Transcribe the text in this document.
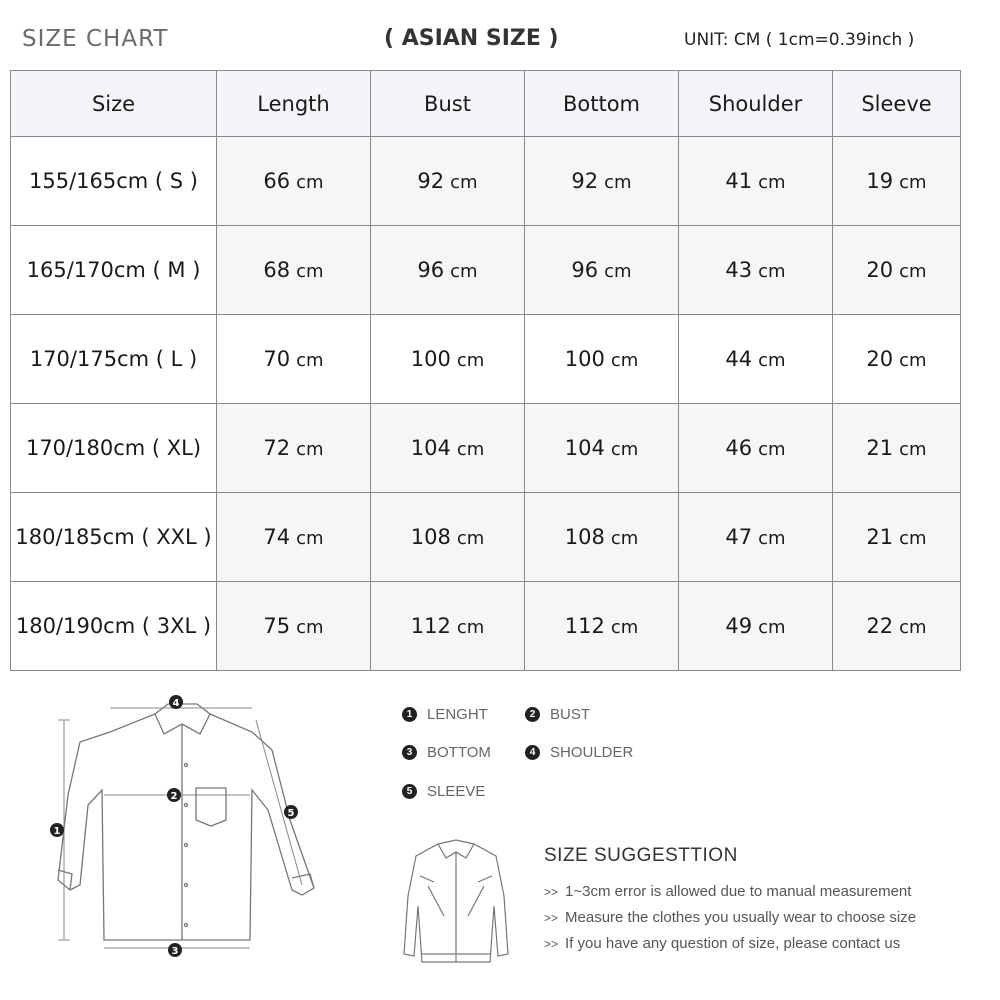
SIZE CHART	( ASIAN SIZE )	UNIT: CM ( 1cm=0.39inch )
Size	Length	Bust	Bottom	Shoulder	Sleeve
155/165cm ( S )	66 cm	92 cm	92 cm	41 cm	19 cm
165/170cm ( M )	68 cm	96 cm	96 cm	43 cm	20 cm
170/175cm ( L )	70 cm	100 cm	100 cm	44 cm	20 cm
170/180cm ( XL)	72 cm	104 cm	104 cm	46 cm	21 cm
180/185cm ( XXL )	74 cm	108 cm	108 cm	47 cm	21 cm
180/190cm ( 3XL )	75 cm	112 cm	112 cm	49 cm	22 cm
1
2
3
4
5
1 LENGHT	2 BUST
3 BOTTOM	4 SHOULDER
5 SLEEVE
SIZE SUGGESTTION
>> 1~3cm error is allowed due to manual measurement
>> Measure the clothes you usually wear to choose size
>> If you have any question of size, please contact us
